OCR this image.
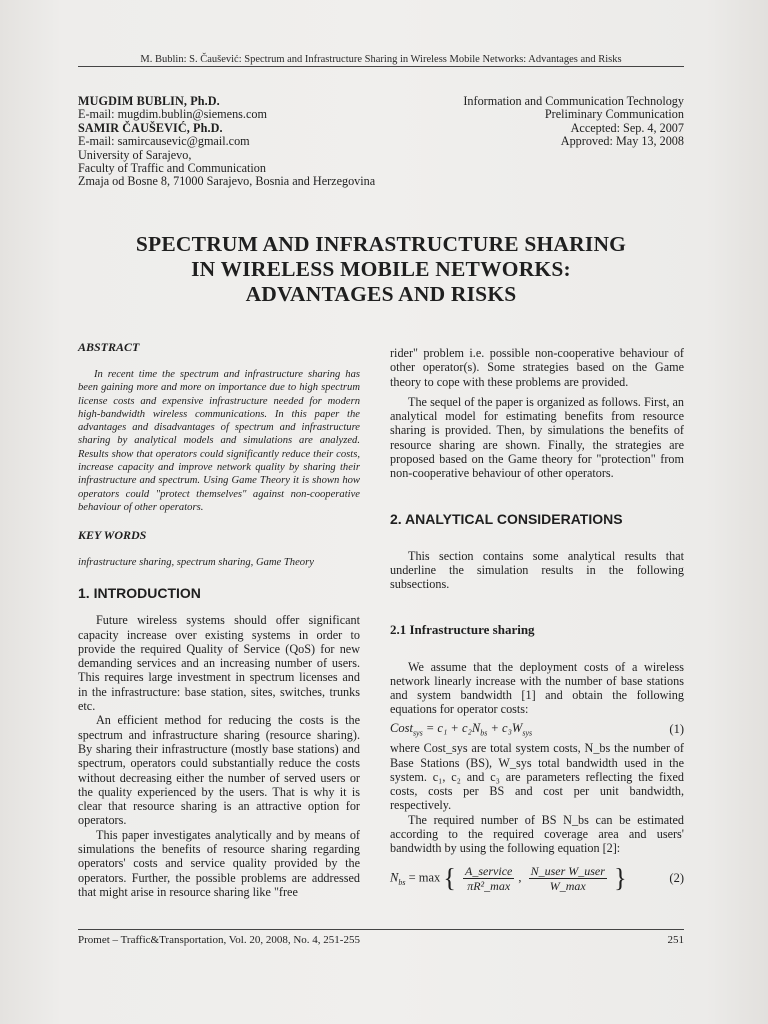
M. Bublin: S. Čaušević: Spectrum and Infrastructure Sharing in Wireless Mobile Networks: Advantages and Risks
MUGDIM BUBLIN, Ph.D.
E-mail: mugdim.bublin@siemens.com
SAMIR ČAUŠEVIĆ, Ph.D.
E-mail: samircausevic@gmail.com
University of Sarajevo,
Faculty of Traffic and Communication
Zmaja od Bosne 8, 71000 Sarajevo, Bosnia and Herzegovina
Information and Communication Technology
Preliminary Communication
Accepted: Sep. 4, 2007
Approved: May 13, 2008
SPECTRUM AND INFRASTRUCTURE SHARING
IN WIRELESS MOBILE NETWORKS:
ADVANTAGES AND RISKS
ABSTRACT

In recent time the spectrum and infrastructure sharing has been gaining more and more on importance due to high spectrum license costs and expensive infrastructure needed for modern high-bandwidth wireless communications. In this paper the advantages and disadvantages of spectrum and infrastructure sharing by analytical models and simulations are analyzed. Results show that operators could significantly reduce their costs, increase capacity and improve network quality by sharing their infrastructure and spectrum. Using Game Theory it is shown how operators could "protect themselves" against non-cooperative behaviour of other operators.

KEY WORDS

infrastructure sharing, spectrum sharing, Game Theory

1. INTRODUCTION

Future wireless systems should offer significant capacity increase over existing systems in order to provide the required Quality of Service (QoS) for new demanding services and an increasing number of users. This requires large investment in spectrum licenses and in the infrastructure: base station, sites, switches, trunks etc.

An efficient method for reducing the costs is the spectrum and infrastructure sharing (resource sharing). By sharing their infrastructure (mostly base stations) and spectrum, operators could substantially reduce the costs without decreasing either the number of served users or the quality experienced by the users. That is why it is clear that resource sharing is an attractive option for operators.

This paper investigates analytically and by means of simulations the benefits of resource sharing regarding operators' costs and service quality provided by the operators. Further, the possible problems are addressed that might arise in resource sharing like "free

rider" problem i.e. possible non-cooperative behaviour of other operator(s). Some strategies based on the Game theory to cope with these problems are provided.

The sequel of the paper is organized as follows. First, an analytical model for estimating benefits from resource sharing is provided. Then, by simulations the benefits of resource sharing are shown. Finally, the strategies are proposed based on the Game theory for "protection" from non-cooperative behaviour of other operators.

2. ANALYTICAL CONSIDERATIONS

This section contains some analytical results that underline the simulation results in the following subsections.

2.1 Infrastructure sharing

We assume that the deployment costs of a wireless network linearly increase with the number of base stations and system bandwidth [1] and obtain the following equations for operator costs:

Cost$_{sys}$ = $c_1 + c_2N_{bs} + c_3W_{sys}$	(1)

where Cost_sys are total system costs, N_bs the number of Base Stations (BS), W_sys total bandwidth used in the system. c₁, c₂ and c₃ are parameters reflecting the fixed costs, costs per BS and cost per unit bandwidth, respectively.

The required number of BS N_bs can be estimated according to the required coverage area and users' bandwidth by using the following equation [2]:

$N_{bs} = \max$ { $\frac{\text{A\_service}}{\text{πR²\_max}}$ , $\frac{\text{N\_user W\_user}}{W\_\max}$ }	(2)
Promet – Traffic&Transportation, Vol. 20, 2008, No. 4, 251-255	251
